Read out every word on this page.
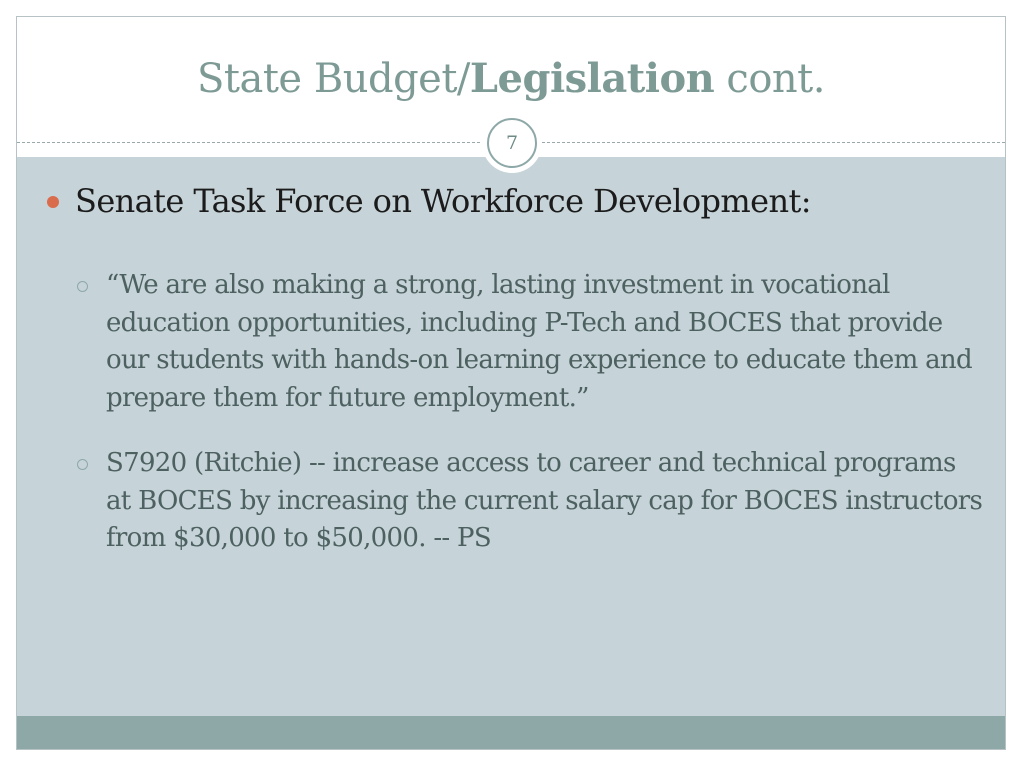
State Budget/Legislation cont.
7
Senate Task Force on Workforce Development:
“We are also making a strong, lasting investment in vocational education opportunities, including P-Tech and BOCES that provide our students with hands-on learning experience to educate them and prepare them for future employment.”
S7920 (Ritchie) -- increase access to career and technical programs at BOCES by increasing the current salary cap for BOCES instructors from $30,000 to $50,000. -- PS
